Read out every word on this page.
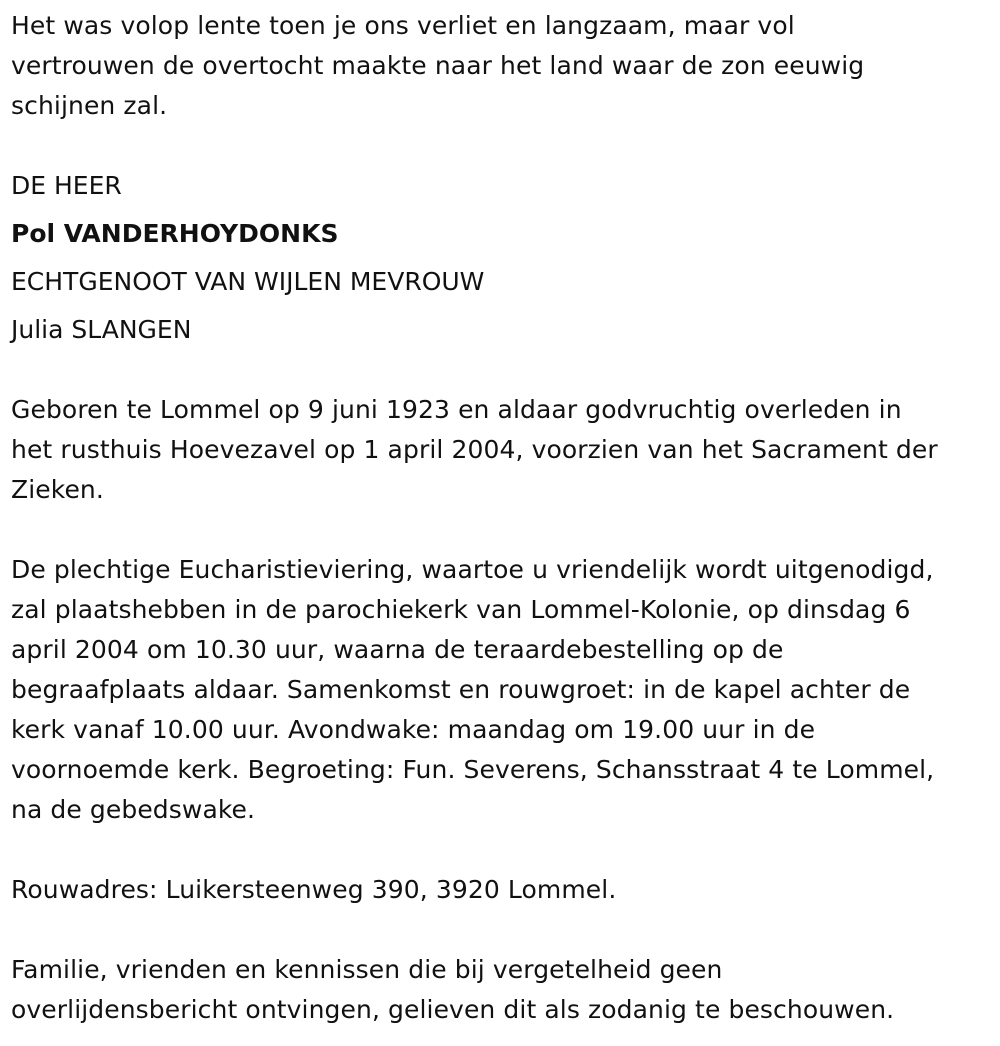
Het was volop lente toen je ons verliet en langzaam, maar vol
vertrouwen de overtocht maakte naar het land waar de zon eeuwig
schijnen zal.

DE HEER

Pol VANDERHOYDONKS

ECHTGENOOT VAN WIJLEN MEVROUW

Julia SLANGEN

Geboren te Lommel op 9 juni 1923 en aldaar godvruchtig overleden in
het rusthuis Hoevezavel op 1 april 2004, voorzien van het Sacrament der
Zieken.

De plechtige Eucharistieviering, waartoe u vriendelijk wordt uitgenodigd,
zal plaatshebben in de parochiekerk van Lommel-Kolonie, op dinsdag 6
april 2004 om 10.30 uur, waarna de teraardebestelling op de
begraafplaats aldaar. Samenkomst en rouwgroet: in de kapel achter de
kerk vanaf 10.00 uur. Avondwake: maandag om 19.00 uur in de
voornoemde kerk. Begroeting: Fun. Severens, Schansstraat 4 te Lommel,
na de gebedswake.

Rouwadres: Luikersteenweg 390, 3920 Lommel.

Familie, vrienden en kennissen die bij vergetelheid geen
overlijdensbericht ontvingen, gelieven dit als zodanig te beschouwen.
